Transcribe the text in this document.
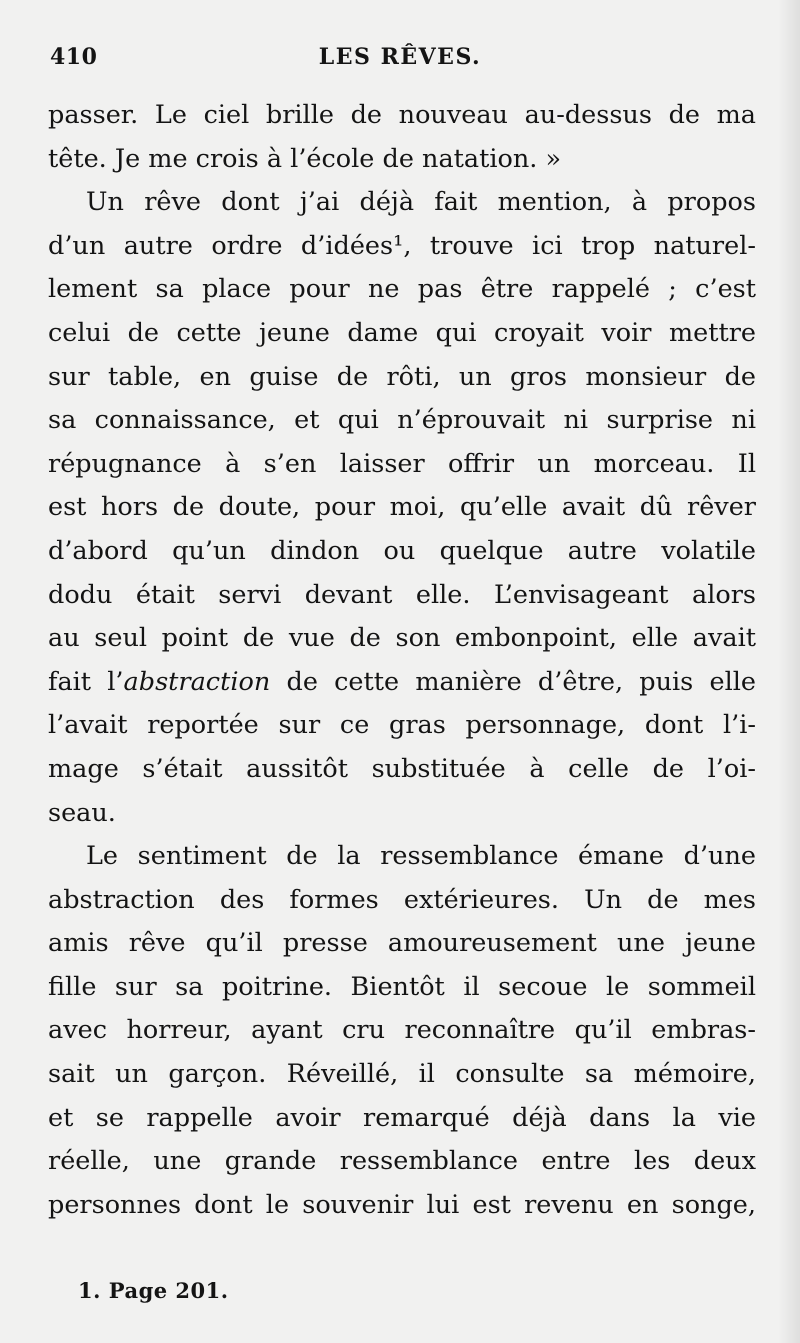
410	LES RÊVES.
passer. Le ciel brille de nouveau au-dessus de ma
tête. Je me crois à l’école de natation. »
Un rêve dont j’ai déjà fait mention, à propos
d’un autre ordre d’idées¹, trouve ici trop naturel-
lement sa place pour ne pas être rappelé ; c’est
celui de cette jeune dame qui croyait voir mettre
sur table, en guise de rôti, un gros monsieur de
sa connaissance, et qui n’éprouvait ni surprise ni
répugnance à s’en laisser offrir un morceau. Il
est hors de doute, pour moi, qu’elle avait dû rêver
d’abord qu’un dindon ou quelque autre volatile
dodu était servi devant elle. L’envisageant alors
au seul point de vue de son embonpoint, elle avait
fait l’abstraction de cette manière d’être, puis elle
l’avait reportée sur ce gras personnage, dont l’i-
mage s’était aussitôt substituée à celle de l’oi-
seau.
Le sentiment de la ressemblance émane d’une
abstraction des formes extérieures. Un de mes
amis rêve qu’il presse amoureusement une jeune
fille sur sa poitrine. Bientôt il secoue le sommeil
avec horreur, ayant cru reconnaître qu’il embras-
sait un garçon. Réveillé, il consulte sa mémoire,
et se rappelle avoir remarqué déjà dans la vie
réelle, une grande ressemblance entre les deux
personnes dont le souvenir lui est revenu en songe,
1. Page 201.
